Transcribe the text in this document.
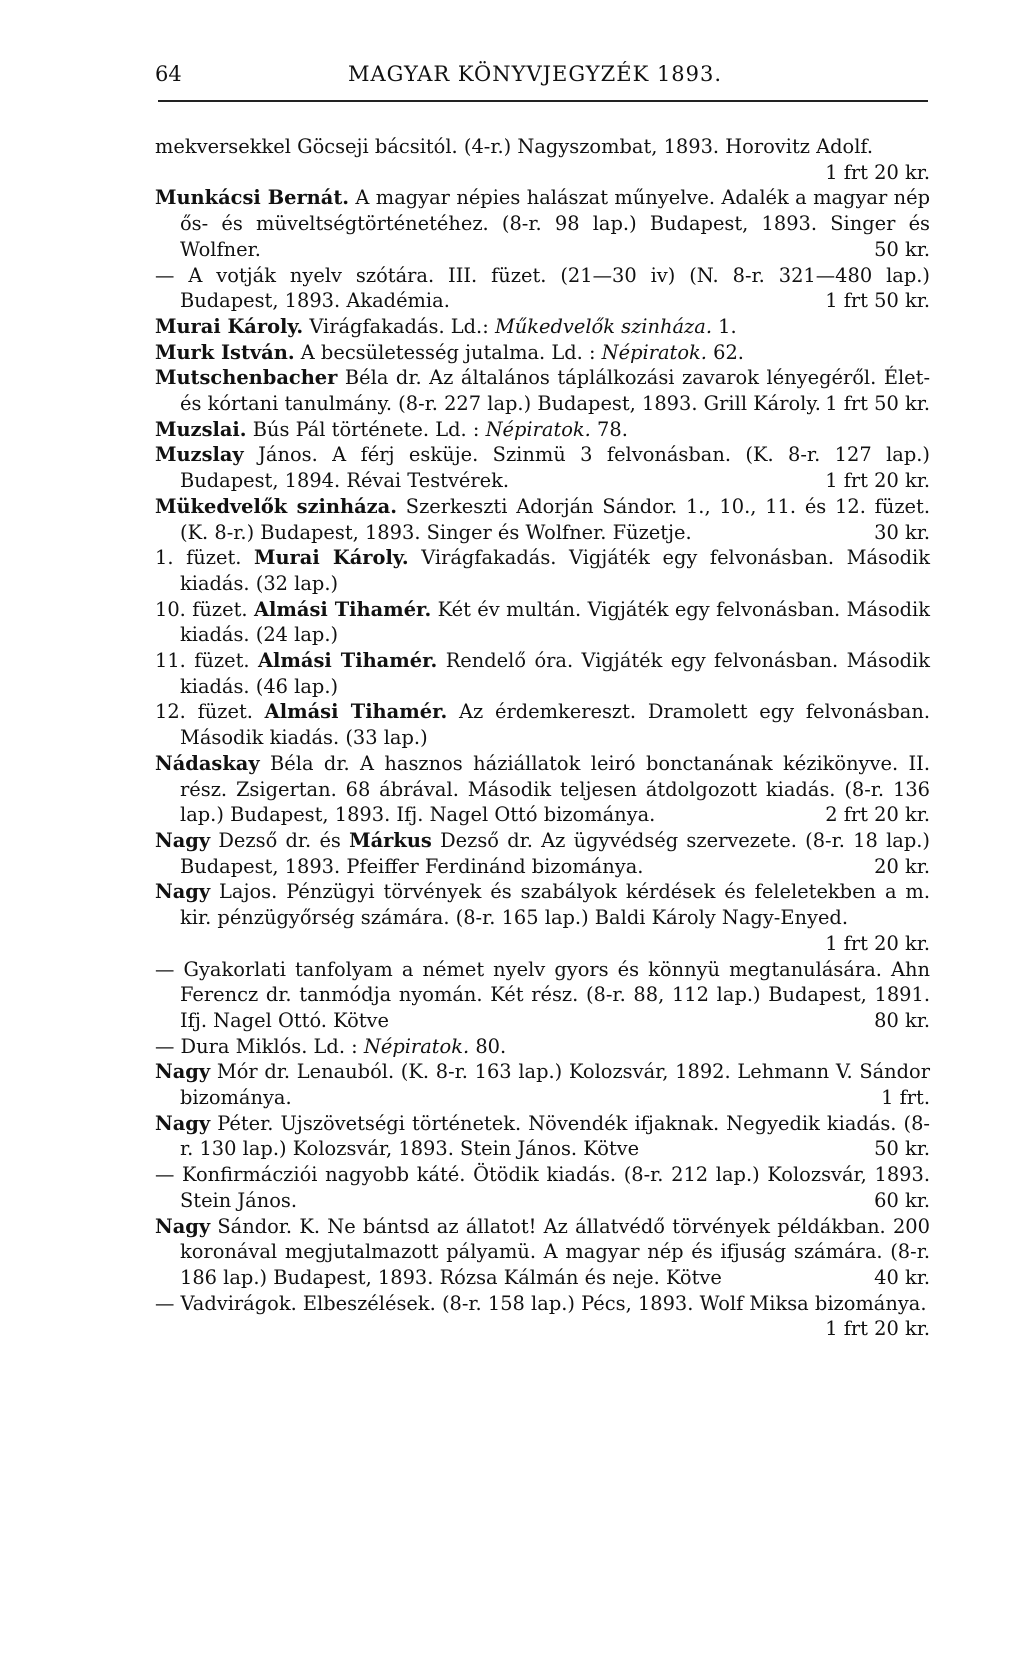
64	MAGYAR KÖNYVJEGYZÉK 1893.

mekversekkel Göcseji bácsitól. (4-r.) Nagyszombat, 1893. Horovitz Adolf.
1 frt 20 kr.

Munkácsi Bernát. A magyar népies halászat műnyelve. Adalék a magyar nép ős- és müveltségtörténetéhez. (8-r. 98 lap.) Budapest, 1893. Singer és Wolfner.	50 kr.

— A votják nyelv szótára. III. füzet. (21—30 iv) (N. 8-r. 321—480 lap.) Budapest, 1893. Akadémia.	1 frt 50 kr.

Murai Károly. Virágfakadás. Ld.: Műkedvelők szinháza. 1.

Murk István. A becsületesség jutalma. Ld. : Népiratok. 62.

Mutschenbacher Béla dr. Az általános táplálkozási zavarok lényegéről. Élet- és kórtani tanulmány. (8-r. 227 lap.) Budapest, 1893. Grill Károly. 1 frt 50 kr.

Muzslai. Bús Pál története. Ld. : Népiratok. 78.

Muzslay János. A férj esküje. Szinmü 3 felvonásban. (K. 8-r. 127 lap.) Budapest, 1894. Révai Testvérek.	1 frt 20 kr.

Mükedvelők szinháza. Szerkeszti Adorján Sándor. 1., 10., 11. és 12. füzet. (K. 8-r.) Budapest, 1893. Singer és Wolfner. Füzetje.	30 kr.

1. füzet. Murai Károly. Virágfakadás. Vigjáték egy felvonásban. Második kiadás. (32 lap.)

10. füzet. Almási Tihamér. Két év multán. Vigjáték egy felvonásban. Második kiadás. (24 lap.)

11. füzet. Almási Tihamér. Rendelő óra. Vigjáték egy felvonásban. Második kiadás. (46 lap.)

12. füzet. Almási Tihamér. Az érdemkereszt. Dramolett egy felvonásban. Második kiadás. (33 lap.)

Nádaskay Béla dr. A hasznos háziállatok leiró bonctanának kézikönyve. II. rész. Zsigertan. 68 ábrával. Második teljesen átdolgozott kiadás. (8-r. 136 lap.) Budapest, 1893. Ifj. Nagel Ottó bizománya.	2 frt 20 kr.

Nagy Dezső dr. és Márkus Dezső dr. Az ügyvédség szervezete. (8-r. 18 lap.) Budapest, 1893. Pfeiffer Ferdinánd bizománya.	20 kr.

Nagy Lajos. Pénzügyi törvények és szabályok kérdések és feleletekben a m. kir. pénzügyőrség számára. (8-r. 165 lap.) Baldi Károly Nagy-Enyed.
1 frt 20 kr.

— Gyakorlati tanfolyam a német nyelv gyors és könnyü megtanulására. Ahn Ferencz dr. tanmódja nyomán. Két rész. (8-r. 88, 112 lap.) Budapest, 1891. Ifj. Nagel Ottó. Kötve	80 kr.

— Dura Miklós. Ld. : Népiratok. 80.

Nagy Mór dr. Lenauból. (K. 8-r. 163 lap.) Kolozsvár, 1892. Lehmann V. Sándor bizománya.	1 frt.

Nagy Péter. Ujszövetségi történetek. Növendék ifjaknak. Negyedik kiadás. (8-r. 130 lap.) Kolozsvár, 1893. Stein János. Kötve	50 kr.

— Konfirmácziói nagyobb káté. Ötödik kiadás. (8-r. 212 lap.) Kolozsvár, 1893. Stein János.	60 kr.

Nagy Sándor. K. Ne bántsd az állatot! Az állatvédő törvények példákban. 200 koronával megjutalmazott pályamü. A magyar nép és ifjuság számára. (8-r. 186 lap.) Budapest, 1893. Rózsa Kálmán és neje. Kötve	40 kr.

— Vadvirágok. Elbeszélések. (8-r. 158 lap.) Pécs, 1893. Wolf Miksa bizománya.
1 frt 20 kr.
